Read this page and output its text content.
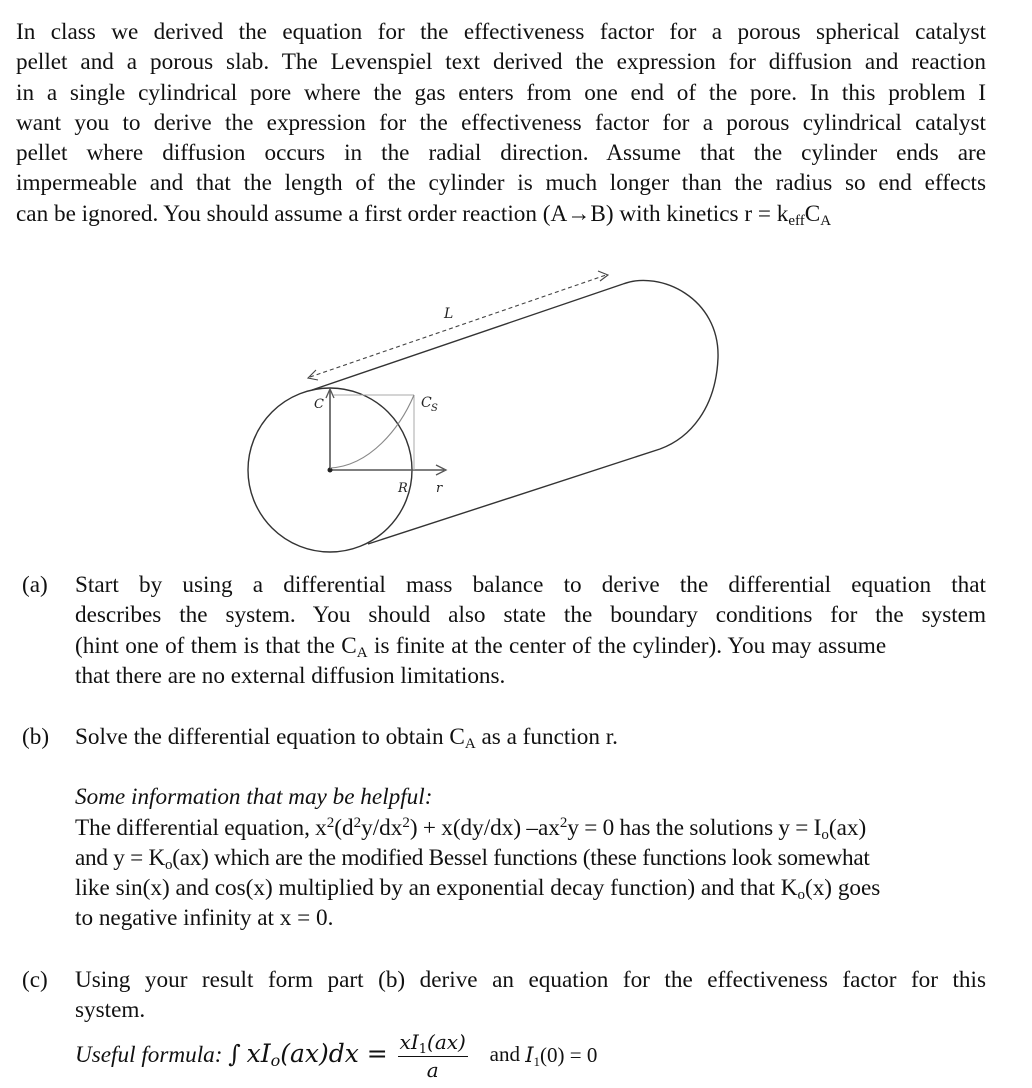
In class we derived the equation for the effectiveness factor for a porous spherical catalyst
pellet and a porous slab. The Levenspiel text derived the expression for diffusion and reaction
in a single cylindrical pore where the gas enters from one end of the pore. In this problem I
want you to derive the expression for the effectiveness factor for a porous cylindrical catalyst
pellet where diffusion occurs in the radial direction. Assume that the cylinder ends are
impermeable and that the length of the cylinder is much longer than the radius so end effects
can be ignored. You should assume a first order reaction (A→B) with kinetics $r = k_{eff}C_A$
L
C	C S
R r
(a) Start by using a differential mass balance to derive the differential equation that
describes the system. You should also state the boundary conditions for the system
(hint one of them is that the $C_A$ is finite at the center of the cylinder). You may assume
that there are no external diffusion limitations.
(b) Solve the differential equation to obtain $C_A$ as a function r.
Some information that may be helpful:
The differential equation, $x^2(d^2y/dx^2) + x(dy/dx) -ax^2y = 0$ has the solutions $y = I_o(ax)$
and $y = K_o(ax)$ which are the modified Bessel functions (these functions look somewhat
like sin(x) and cos(x) multiplied by an exponential decay function) and that $K_o(x)$ goes
to negative infinity at x = 0.
(c) Using your result form part (b) derive an equation for the effectiveness factor for this
system.
Useful formula: ∫ $xI_o(ax)dx = \frac{xI_1(ax)}{a}$ and $I_1(0) = 0$
